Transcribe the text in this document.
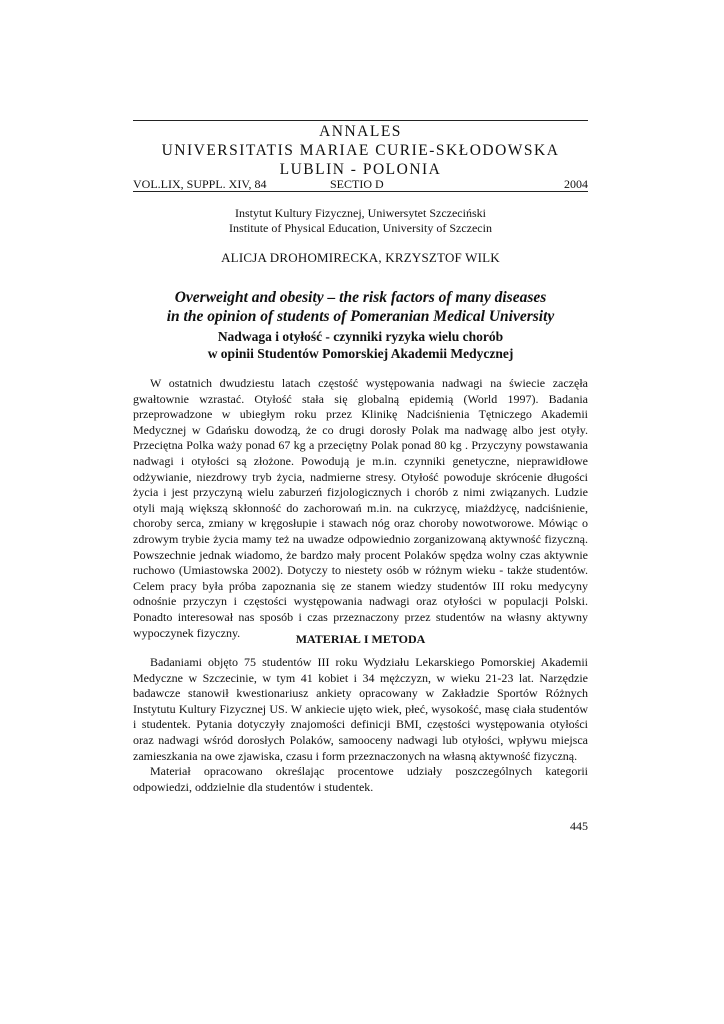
ANNALES
UNIVERSITATIS MARIAE CURIE-SKŁODOWSKA
LUBLIN - POLONIA
VOL.LIX, SUPPL. XIV, 84	SECTIO D	2004
Instytut Kultury Fizycznej, Uniwersytet Szczeciński
Institute of Physical Education, University of Szczecin
ALICJA DROHOMIRECKA, KRZYSZTOF WILK
Overweight and obesity – the risk factors of many diseases
in the opinion of students of Pomeranian Medical University
Nadwaga i otyłość - czynniki ryzyka wielu chorób
w opinii Studentów Pomorskiej Akademii Medycznej

W ostatnich dwudziestu latach częstość występowania nadwagi na świecie zaczęła gwałtownie wzrastać. Otyłość stała się globalną epidemią (World 1997). Badania przeprowadzone w ubiegłym roku przez Klinikę Nadciśnienia Tętniczego Akademii Medycznej w Gdańsku dowodzą, że co drugi dorosły Polak ma nadwagę albo jest otyły. Przeciętna Polka waży ponad 67 kg a przeciętny Polak ponad 80 kg . Przyczyny powstawania nadwagi i otyłości są złożone. Powodują je m.in. czynniki genetyczne, nieprawidłowe odżywianie, niezdrowy tryb życia, nadmierne stresy. Otyłość powoduje skrócenie długości życia i jest przyczyną wielu zaburzeń fizjologicznych i chorób z nimi związanych. Ludzie otyli mają większą skłonność do zachorowań m.in. na cukrzycę, miażdżycę, nadciśnienie, choroby serca, zmiany w kręgosłupie i stawach nóg oraz choroby nowotworowe. Mówiąc o zdrowym trybie życia mamy też na uwadze odpowiednio zorganizowaną aktywność fizyczną. Powszechnie jednak wiadomo, że bardzo mały procent Polaków spędza wolny czas aktywnie ruchowo (Umiastowska 2002). Dotyczy to niestety osób w różnym wieku - także studentów. Celem pracy była próba zapoznania się ze stanem wiedzy studentów III roku medycyny odnośnie przyczyn i częstości występowania nadwagi oraz otyłości w populacji Polski. Ponadto interesował nas sposób i czas przeznaczony przez studentów na własny aktywny wypoczynek fizyczny.	MATERIAŁ I METODA

Badaniami objęto 75 studentów III roku Wydziału Lekarskiego Pomorskiej Akademii Medyczne w Szczecinie, w tym 41 kobiet i 34 mężczyzn, w wieku 21-23 lat. Narzędzie badawcze stanowił kwestionariusz ankiety opracowany w Zakładzie Sportów Różnych Instytutu Kultury Fizycznej US. W ankiecie ujęto wiek, płeć, wysokość, masę ciała studentów i studentek. Pytania dotyczyły znajomości definicji BMI, częstości występowania otyłości oraz nadwagi wśród dorosłych Polaków, samooceny nadwagi lub otyłości, wpływu miejsca zamieszkania na owe zjawiska, czasu i form przeznaczonych na własną aktywność fizyczną.

Materiał opracowano określając procentowe udziały poszczególnych kategorii odpowiedzi, oddzielnie dla studentów i studentek.

445
